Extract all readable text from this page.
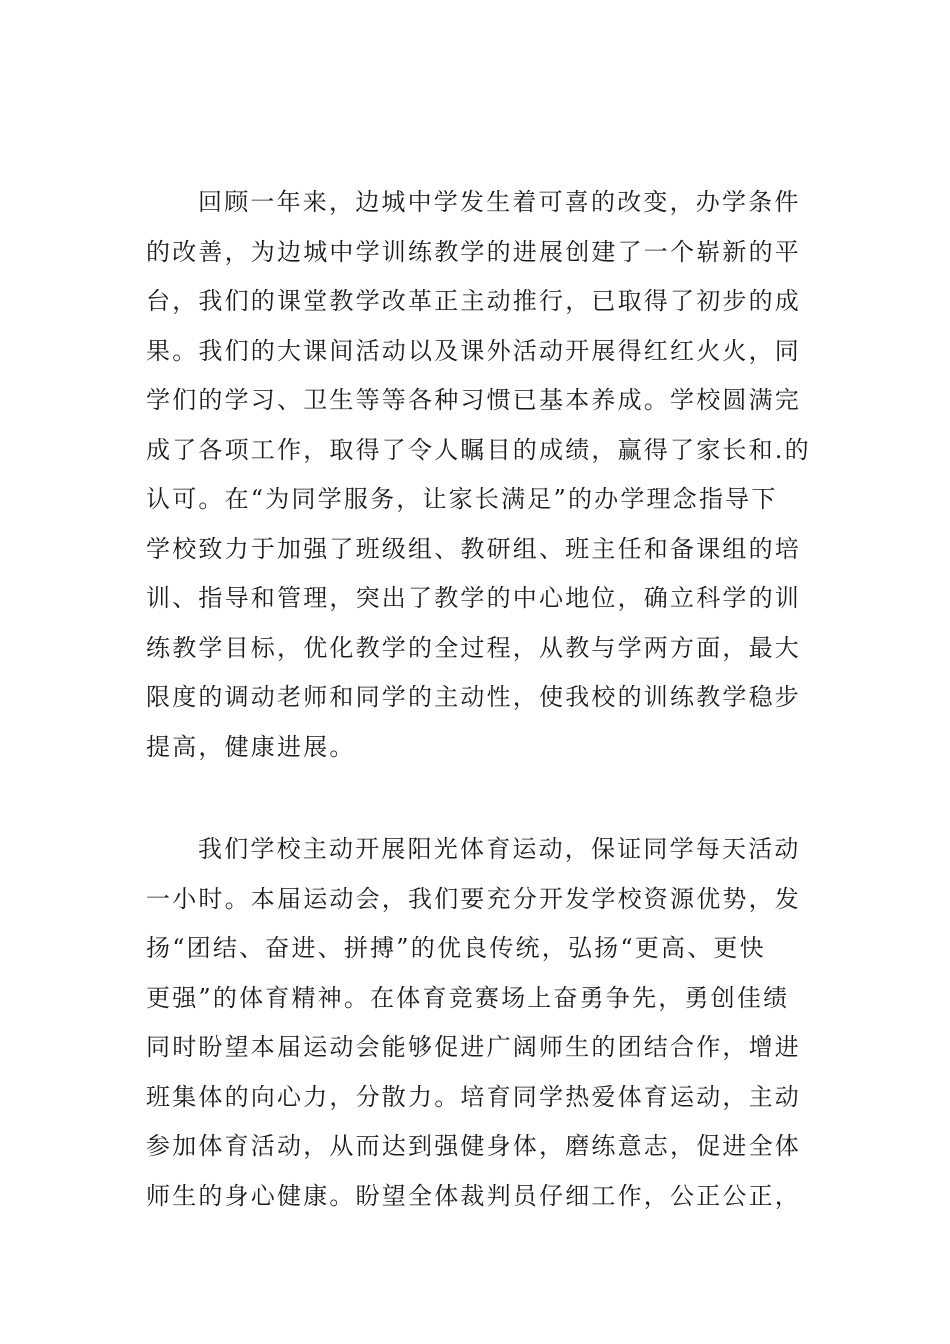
回顾一年来，边城中学发生着可喜的改变，办学条件
的改善，为边城中学训练教学的进展创建了一个崭新的平
台，我们的课堂教学改革正主动推行，已取得了初步的成
果。我们的大课间活动以及课外活动开展得红红火火，同
学们的学习、卫生等等各种习惯已基本养成。学校圆满完
成了各项工作，取得了令人瞩目的成绩，赢得了家长和.的
认可。在“为同学服务，让家长满足”的办学理念指导下
学校致力于加强了班级组、教研组、班主任和备课组的培
训、指导和管理，突出了教学的中心地位，确立科学的训
练教学目标，优化教学的全过程，从教与学两方面，最大
限度的调动老师和同学的主动性，使我校的训练教学稳步
提高，健康进展。
我们学校主动开展阳光体育运动，保证同学每天活动
一小时。本届运动会，我们要充分开发学校资源优势，发
扬“团结、奋进、拼搏”的优良传统，弘扬“更高、更快
更强”的体育精神。在体育竞赛场上奋勇争先，勇创佳绩
同时盼望本届运动会能够促进广阔师生的团结合作，增进
班集体的向心力，分散力。培育同学热爱体育运动，主动
参加体育活动，从而达到强健身体，磨练意志，促进全体
师生的身心健康。盼望全体裁判员仔细工作，公正公正，
